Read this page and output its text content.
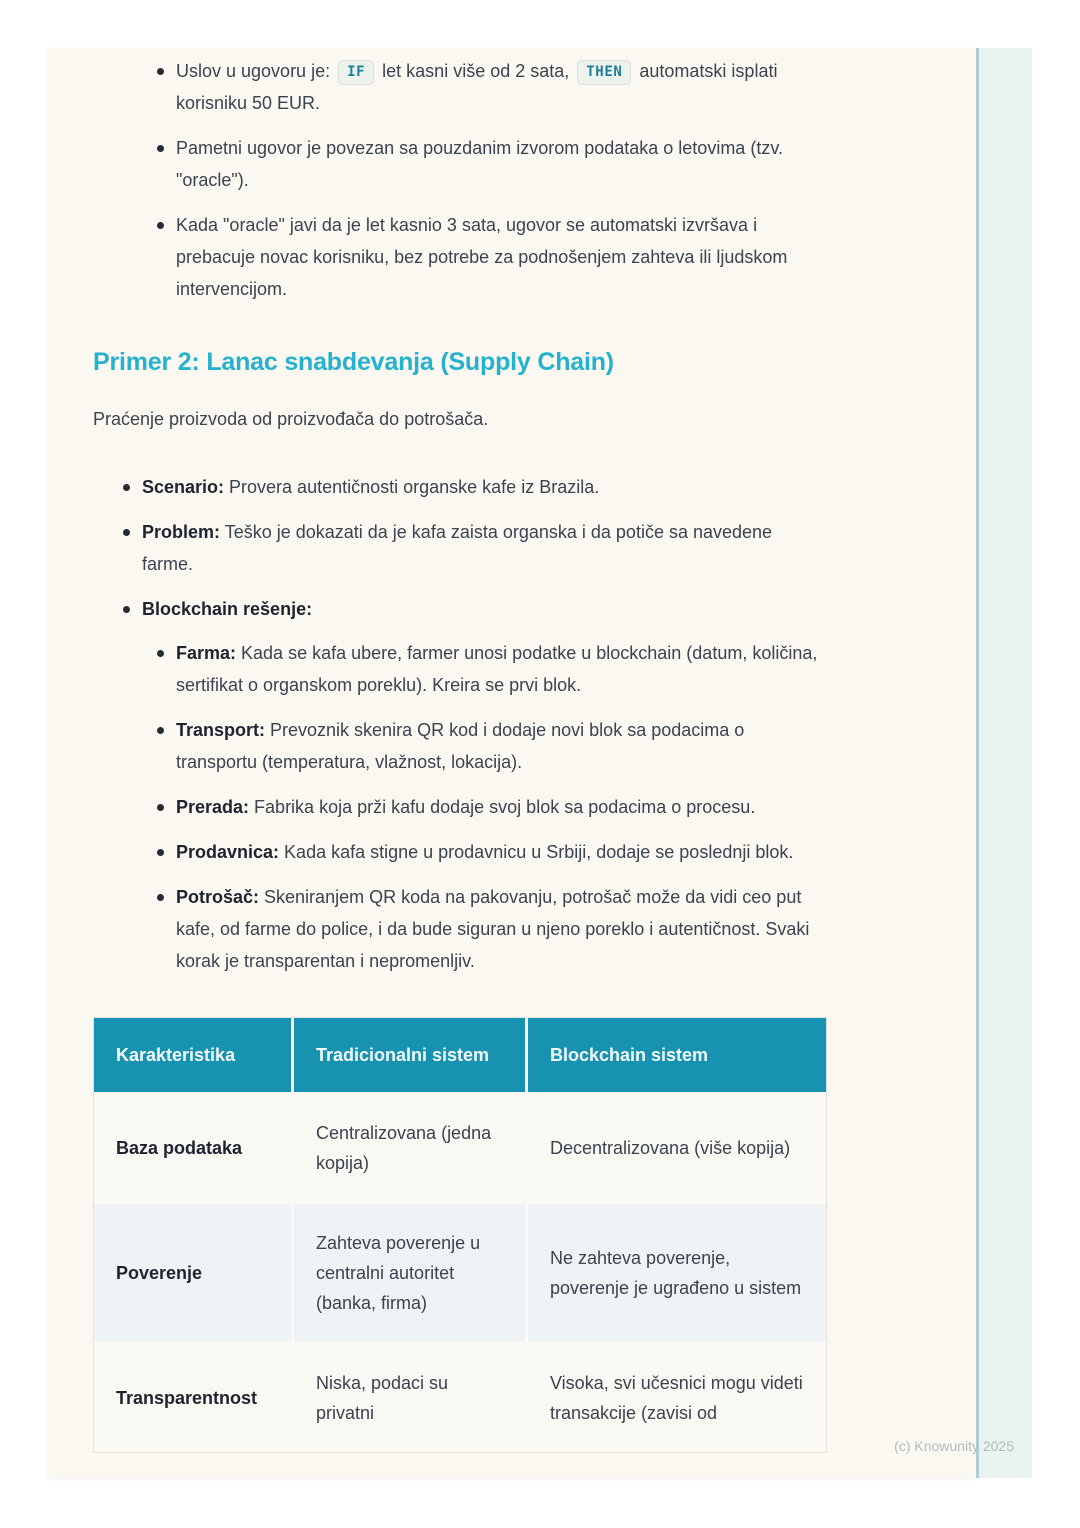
Uslov u ugovoru je: IF let kasni više od 2 sata, THEN automatski isplati korisniku 50 EUR.
Pametni ugovor je povezan sa pouzdanim izvorom podataka o letovima (tzv. "oracle").
Kada "oracle" javi da je let kasnio 3 sata, ugovor se automatski izvršava i prebacuje novac korisniku, bez potrebe za podnošenjem zahteva ili ljudskom intervencijom.
Primer 2: Lanac snabdevanja (Supply Chain)

Praćenje proizvoda od proizvođača do potrošača.

Scenario: Provera autentičnosti organske kafe iz Brazila.
Problem: Teško je dokazati da je kafa zaista organska i da potiče sa navedene farme.
Blockchain rešenje:
Farma: Kada se kafa ubere, farmer unosi podatke u blockchain (datum, količina, sertifikat o organskom poreklu). Kreira se prvi blok.
Transport: Prevoznik skenira QR kod i dodaje novi blok sa podacima o transportu (temperatura, vlažnost, lokacija).
Prerada: Fabrika koja prži kafu dodaje svoj blok sa podacima o procesu.
Prodavnica: Kada kafa stigne u prodavnicu u Srbiji, dodaje se poslednji blok.
Potrošač: Skeniranjem QR koda na pakovanju, potrošač može da vidi ceo put kafe, od farme do police, i da bude siguran u njeno poreklo i autentičnost. Svaki korak je transparentan i nepromenljiv.
Karakteristika	Tradicionalni sistem	Blockchain sistem
Baza podataka	Centralizovana (jedna kopija)	Decentralizovana (više kopija)
Poverenje	Zahteva poverenje u centralni autoritet (banka, firma)	Ne zahteva poverenje, poverenje je ugrađeno u sistem
Transparentnost	Niska, podaci su privatni	Visoka, svi učesnici mogu videti transakcije (zavisi od
(c) Knowunity 2025
